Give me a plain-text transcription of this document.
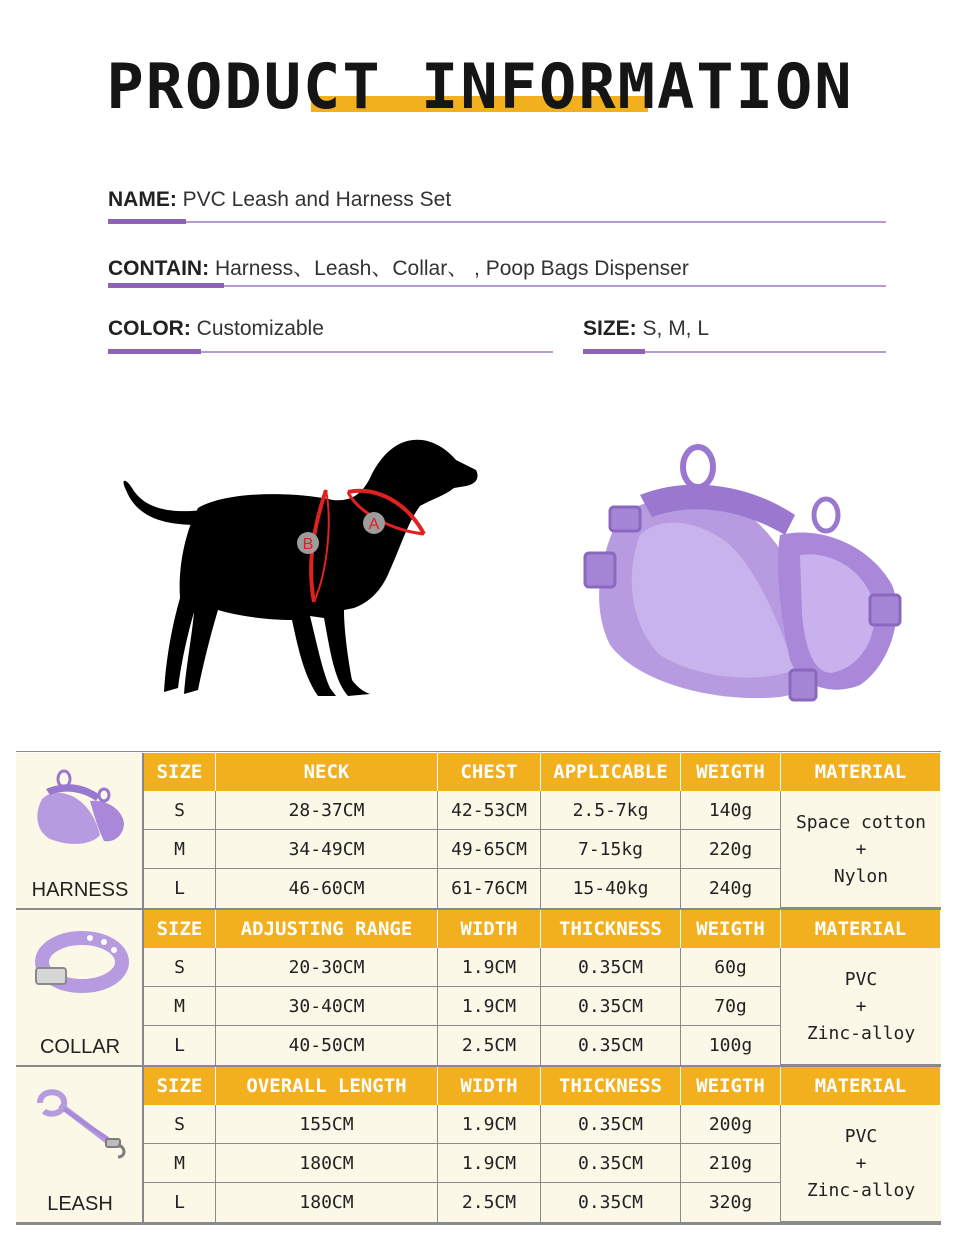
PRODUCT INFORMATION
NAME: PVC Leash and Harness Set
CONTAIN: Harness、Leash、Collar、 , Poop Bags Dispenser
COLOR: Customizable	SIZE: S, M, L
A
B
HARNESS
SIZE	NECK	CHEST	APPLICABLE	WEIGTH	MATERIAL
S	28-37CM	42-53CM	2.5-7kg	140g
M	34-49CM	49-65CM	7-15kg	220g
L	46-60CM	61-76CM	15-40kg	240g
Space cotton
+
Nylon
COLLAR
SIZE	ADJUSTING RANGE	WIDTH	THICKNESS	WEIGTH	MATERIAL
S	20-30CM	1.9CM	0.35CM	60g
M	30-40CM	1.9CM	0.35CM	70g
L	40-50CM	2.5CM	0.35CM	100g
PVC
+
Zinc-alloy
LEASH
SIZE	OVERALL LENGTH	WIDTH	THICKNESS	WEIGTH	MATERIAL
S	155CM	1.9CM	0.35CM	200g
M	180CM	1.9CM	0.35CM	210g
L	180CM	2.5CM	0.35CM	320g
PVC
+
Zinc-alloy
